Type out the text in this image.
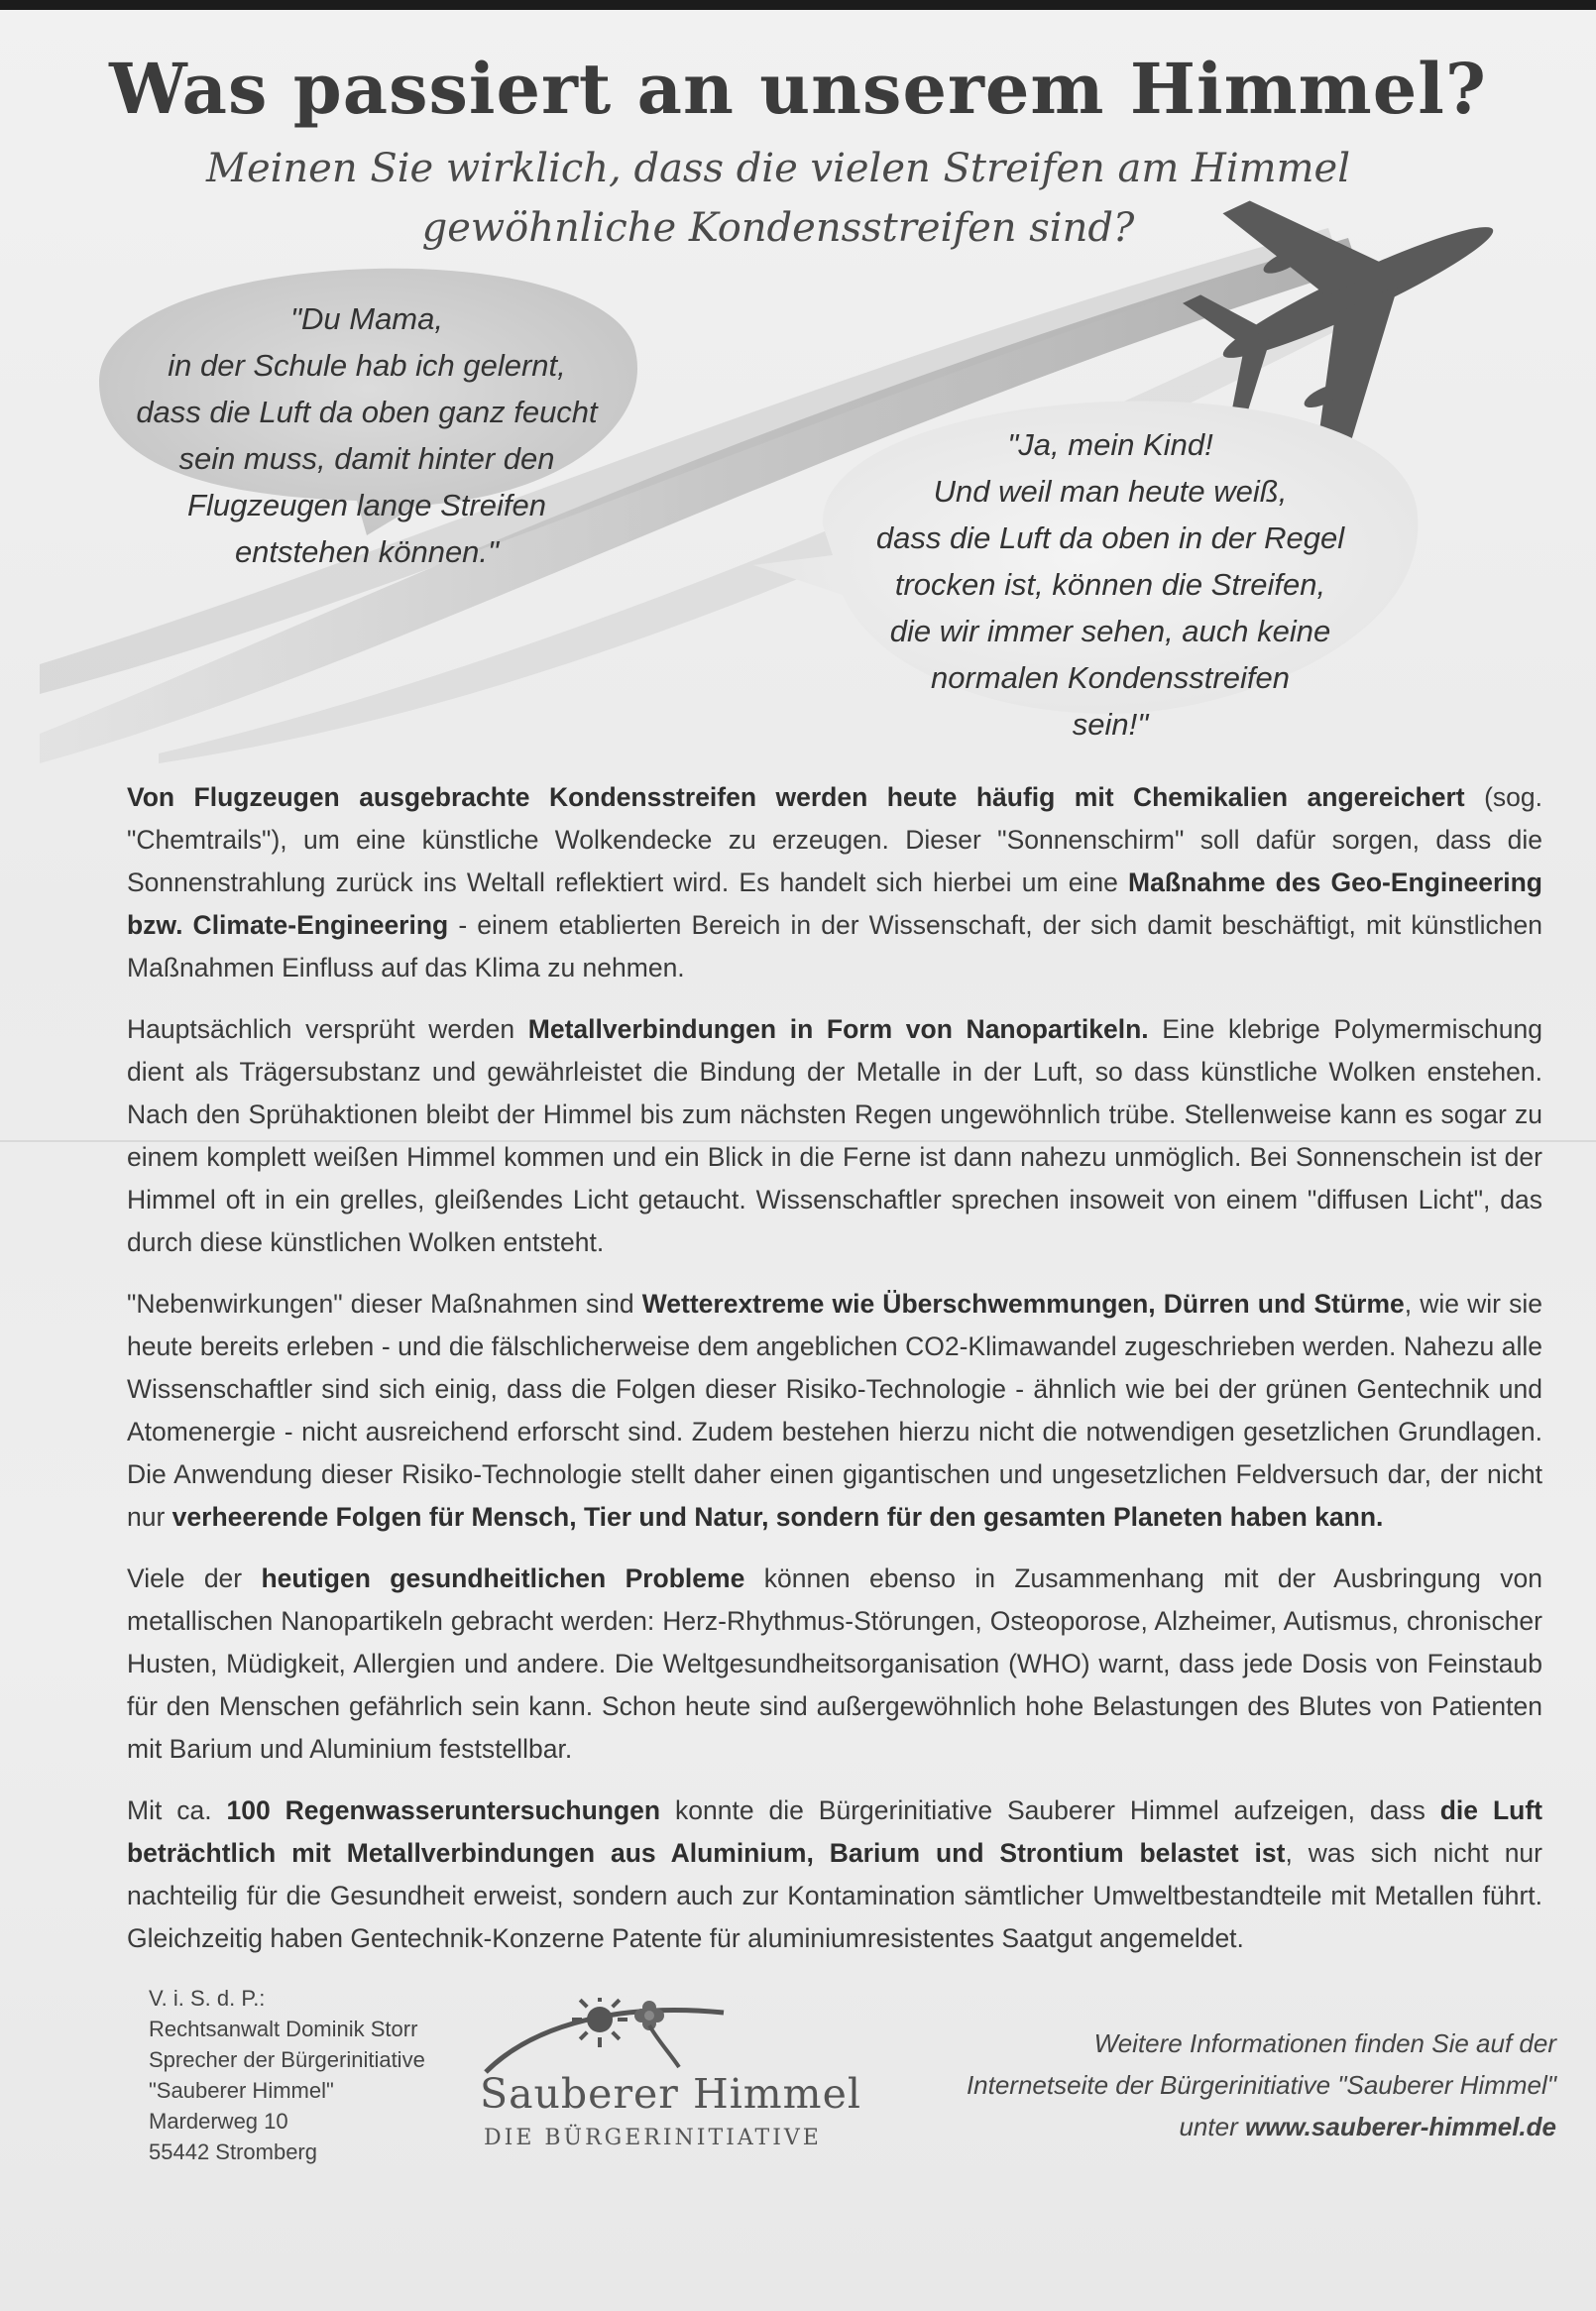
Was passiert an unserem Himmel?
Meinen Sie wirklich, dass die vielen Streifen am Himmel
gewöhnliche Kondensstreifen sind?

"Du Mama,
in der Schule hab ich gelernt,
dass die Luft da oben ganz feucht
sein muss, damit hinter den
Flugzeugen lange Streifen
entstehen können."

"Ja, mein Kind!
Und weil man heute weiß,
dass die Luft da oben in der Regel
trocken ist, können die Streifen,
die wir immer sehen, auch keine
normalen Kondensstreifen
sein!"

Von Flugzeugen ausgebrachte Kondensstreifen werden heute häufig mit Chemikalien angereichert (sog. "Chemtrails"), um eine künstliche Wolkendecke zu erzeugen. Dieser "Sonnenschirm" soll dafür sorgen, dass die Sonnenstrahlung zurück ins Weltall reflektiert wird. Es handelt sich hierbei um eine Maßnahme des Geo-Engineering bzw. Climate-Engineering - einem etablierten Bereich in der Wissenschaft, der sich damit beschäftigt, mit künstlichen Maßnahmen Einfluss auf das Klima zu nehmen.

Hauptsächlich versprüht werden Metallverbindungen in Form von Nanopartikeln. Eine klebrige Polymermischung dient als Trägersubstanz und gewährleistet die Bindung der Metalle in der Luft, so dass künstliche Wolken enstehen. Nach den Sprühaktionen bleibt der Himmel bis zum nächsten Regen ungewöhnlich trübe. Stellenweise kann es sogar zu einem komplett weißen Himmel kommen und ein Blick in die Ferne ist dann nahezu unmöglich. Bei Sonnenschein ist der Himmel oft in ein grelles, gleißendes Licht getaucht. Wissenschaftler sprechen insoweit von einem "diffusen Licht", das durch diese künstlichen Wolken entsteht.

"Nebenwirkungen" dieser Maßnahmen sind Wetterextreme wie Überschwemmungen, Dürren und Stürme, wie wir sie heute bereits erleben - und die fälschlicherweise dem angeblichen CO2-Klimawandel zugeschrieben werden. Nahezu alle Wissenschaftler sind sich einig, dass die Folgen dieser Risiko-Technologie - ähnlich wie bei der grünen Gentechnik und Atomenergie - nicht ausreichend erforscht sind. Zudem bestehen hierzu nicht die notwendigen gesetzlichen Grundlagen. Die Anwendung dieser Risiko-Technologie stellt daher einen gigantischen und ungesetzlichen Feldversuch dar, der nicht nur verheerende Folgen für Mensch, Tier und Natur, sondern für den gesamten Planeten haben kann.

Viele der heutigen gesundheitlichen Probleme können ebenso in Zusammenhang mit der Ausbringung von metallischen Nanopartikeln gebracht werden: Herz-Rhythmus-Störungen, Osteoporose, Alzheimer, Autismus, chronischer Husten, Müdigkeit, Allergien und andere. Die Weltgesundheitsorganisation (WHO) warnt, dass jede Dosis von Feinstaub für den Menschen gefährlich sein kann. Schon heute sind außergewöhnlich hohe Belastungen des Blutes von Patienten mit Barium und Aluminium feststellbar.

Mit ca. 100 Regenwasseruntersuchungen konnte die Bürgerinitiative Sauberer Himmel aufzeigen, dass die Luft beträchtlich mit Metallverbindungen aus Aluminium, Barium und Strontium belastet ist, was sich nicht nur nachteilig für die Gesundheit erweist, sondern auch zur Kontamination sämtlicher Umweltbestandteile mit Metallen führt. Gleichzeitig haben Gentechnik-Konzerne Patente für aluminiumresistentes Saatgut angemeldet.

V. i. S. d. P.:
Rechtsanwalt Dominik Storr
Sprecher der Bürgerinitiative
"Sauberer Himmel"
Marderweg 10
55442 Stromberg
Sauberer Himmel
DIE BÜRGERINITIATIVE
Weitere Informationen finden Sie auf der
Internetseite der Bürgerinitiative "Sauberer Himmel"
unter www.sauberer-himmel.de
